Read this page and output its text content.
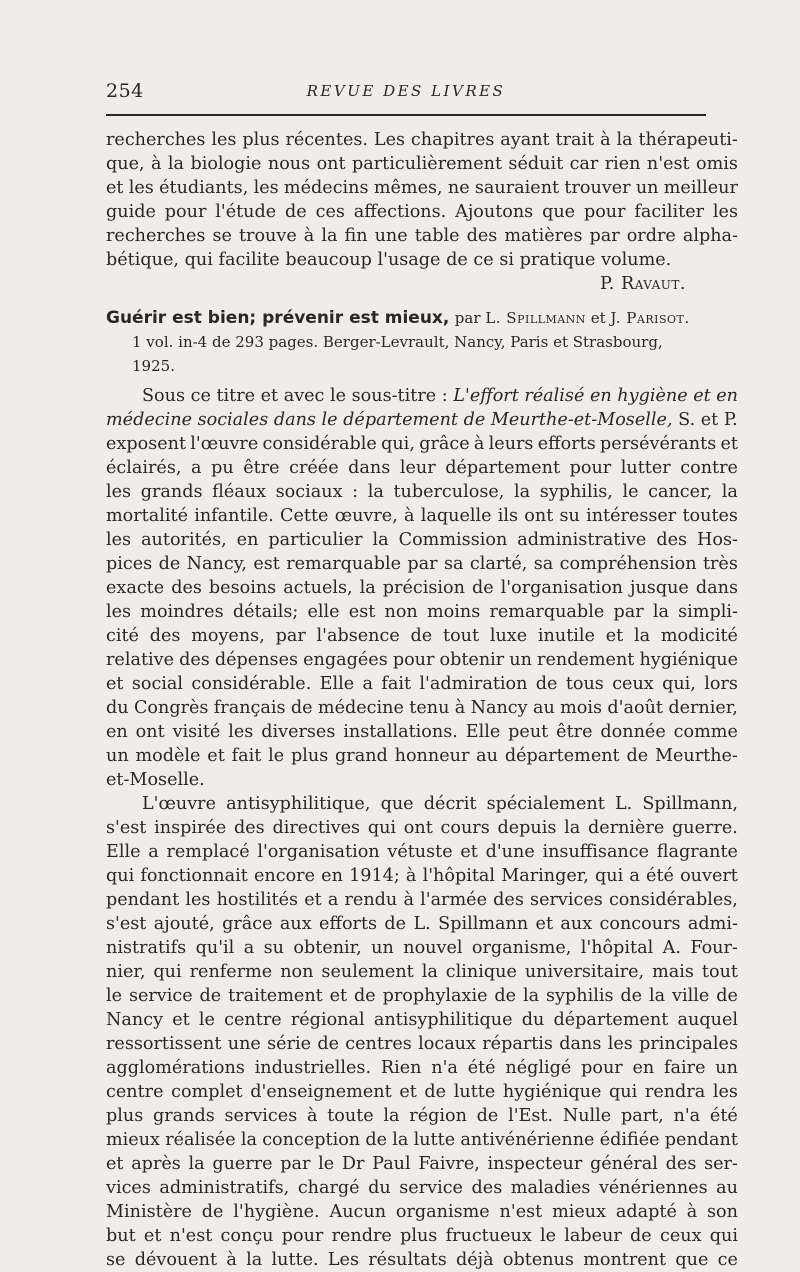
254	REVUE DES LIVRES
recherches les plus récentes. Les chapitres ayant trait à la thérapeuti-
que, à la biologie nous ont particulièrement séduit car rien n'est omis
et les étudiants, les médecins mêmes, ne sauraient trouver un meilleur
guide pour l'étude de ces affections. Ajoutons que pour faciliter les
recherches se trouve à la fin une table des matières par ordre alpha-
bétique, qui facilite beaucoup l'usage de ce si pratique volume.
P. Ravaut.
Guérir est bien; prévenir est mieux, par L. Spillmann et J. Parisot.
1 vol. in-4 de 293 pages. Berger-Levrault, Nancy, Paris et Strasbourg,
1925.
Sous ce titre et avec le sous-titre : L'effort réalisé en hygiène et en
médecine sociales dans le département de Meurthe-et-Moselle, S. et P.
exposent l'œuvre considérable qui, grâce à leurs efforts persévérants et
éclairés, a pu être créée dans leur département pour lutter contre
les grands fléaux sociaux : la tuberculose, la syphilis, le cancer, la
mortalité infantile. Cette œuvre, à laquelle ils ont su intéresser toutes
les autorités, en particulier la Commission administrative des Hos-
pices de Nancy, est remarquable par sa clarté, sa compréhension très
exacte des besoins actuels, la précision de l'organisation jusque dans
les moindres détails; elle est non moins remarquable par la simpli-
cité des moyens, par l'absence de tout luxe inutile et la modicité
relative des dépenses engagées pour obtenir un rendement hygiénique
et social considérable. Elle a fait l'admiration de tous ceux qui, lors
du Congrès français de médecine tenu à Nancy au mois d'août dernier,
en ont visité les diverses installations. Elle peut être donnée comme
un modèle et fait le plus grand honneur au département de Meurthe-
et-Moselle.
L'œuvre antisyphilitique, que décrit spécialement L. Spillmann,
s'est inspirée des directives qui ont cours depuis la dernière guerre.
Elle a remplacé l'organisation vétuste et d'une insuffisance flagrante
qui fonctionnait encore en 1914; à l'hôpital Maringer, qui a été ouvert
pendant les hostilités et a rendu à l'armée des services considérables,
s'est ajouté, grâce aux efforts de L. Spillmann et aux concours admi-
nistratifs qu'il a su obtenir, un nouvel organisme, l'hôpital A. Four-
nier, qui renferme non seulement la clinique universitaire, mais tout
le service de traitement et de prophylaxie de la syphilis de la ville de
Nancy et le centre régional antisyphilitique du département auquel
ressortissent une série de centres locaux répartis dans les principales
agglomérations industrielles. Rien n'a été négligé pour en faire un
centre complet d'enseignement et de lutte hygiénique qui rendra les
plus grands services à toute la région de l'Est. Nulle part, n'a été
mieux réalisée la conception de la lutte antivénérienne édifiée pendant
et après la guerre par le Dr Paul Faivre, inspecteur général des ser-
vices administratifs, chargé du service des maladies vénériennes au
Ministère de l'hygiène. Aucun organisme n'est mieux adapté à son
but et n'est conçu pour rendre plus fructueux le labeur de ceux qui
se dévouent à la lutte. Les résultats déjà obtenus montrent que ce
